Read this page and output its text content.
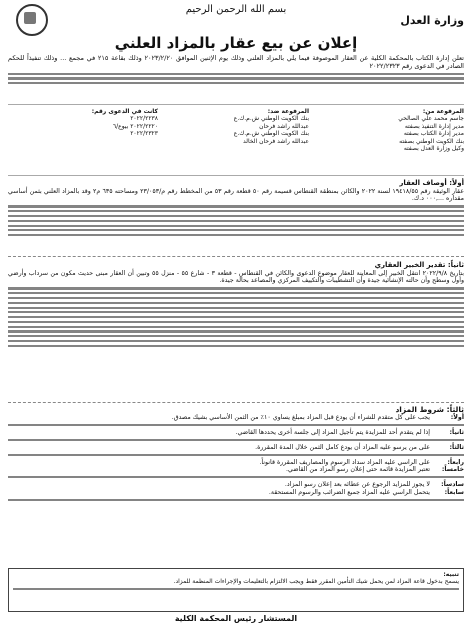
بسم الله الرحمن الرحيم
وزارة العدل
إعلان عن بيع عقار بالمزاد العلني
تعلن إدارة الكتاب بالمحكمة الكلية عن العقار الموصوفة فيما يلي بالمزاد العلني وذلك يوم الإثنين الموافق ٢٠٢٣/٢/٢٠ وذلك بقاعة ٢١٥ في مجمع ... وذلك تنفيذاً للحكم الصادر في الدعوى رقم ٢٠٢٢/٢٣٢٣
المرفوعة من:
جاسم محمد علي الصالحي
مدير إدارة التنفيذ بصفته
مدير إدارة الكتاب بصفته
بنك الكويت الوطني بصفته
وكيل وزارة العدل بصفته
المرفوعة ضد:
بنك الكويت الوطني ش.م.ك.ع
عبدالله راشد فرحان
بنك الكويت الوطني ش.م.ك.ع
عبدالله راشد فرحان الخالد
كانت في الدعوى رقم:
٢٠٢٢/٢٢٣٨
٢٠٢٢/٢٢٢٠ بيوع/٦
٢٠٢٢/٢٣٢٣
أولاً: أوصاف العقار
عقار الوثيقة رقم ١٩٤١٨/٥٥ لسنة ٢٠٢٢ والكائن بمنطقة القنطاس قسيمة رقم ٥٠ قطعة رقم ٥٣ من المخطط رقم م/٢٣/٠٥٣ ومساحته ٦٣٥ م٢ وقد بالمزاد العلني بثمن أساسي مقداره ...,٠٠٠ د.ك.
ثانياً: تقدير الخبير العقاري
بتاريخ ٢٠٢٢/٩/٨ انتقل الخبير إلى المعاينة للعقار موضوع الدعوى والكائن في القنطاس - قطعة ٣ - شارع ٥٥ - منزل ٥٥ وتبين أن العقار مبنى حديث مكون من سرداب وأرضي وأول وسطح وأن حالته الإنشائية جيدة وأن التشطيبات والتكييف المركزي والمصاعد بحالة جيدة.
ثالثاً: شروط المزاد
أولاً:
يجب على كل متقدم للشراء أن يودع قبل المزاد بمبلغ يساوي ١٠٪ من الثمن الأساسي بشيك مصدق.
ثانياً:
إذا لم يتقدم أحد للمزايدة يتم تأجيل المزاد إلى جلسة أخرى يحددها القاضي.
ثالثاً:
على من يرسو عليه المزاد أن يودع كامل الثمن خلال المدة المقررة.
رابعاً:
على الراسي عليه المزاد سداد الرسوم والمصاريف المقررة قانوناً.
خامساً:
تعتبر المزايدة قائمة حتى إعلان رسو المزاد من القاضي.
سادساً:
لا يجوز للمزايد الرجوع عن عطائه بعد إعلان رسو المزاد.
سابعاً:
يتحمل الراسي عليه المزاد جميع الضرائب والرسوم المستحقة.
تنبيه:
يسمح بدخول قاعة المزاد لمن يحمل شيك التأمين المقرر فقط ويجب الالتزام بالتعليمات والإجراءات المنظمة للمزاد.
المستشار رئيس المحكمة الكلية
